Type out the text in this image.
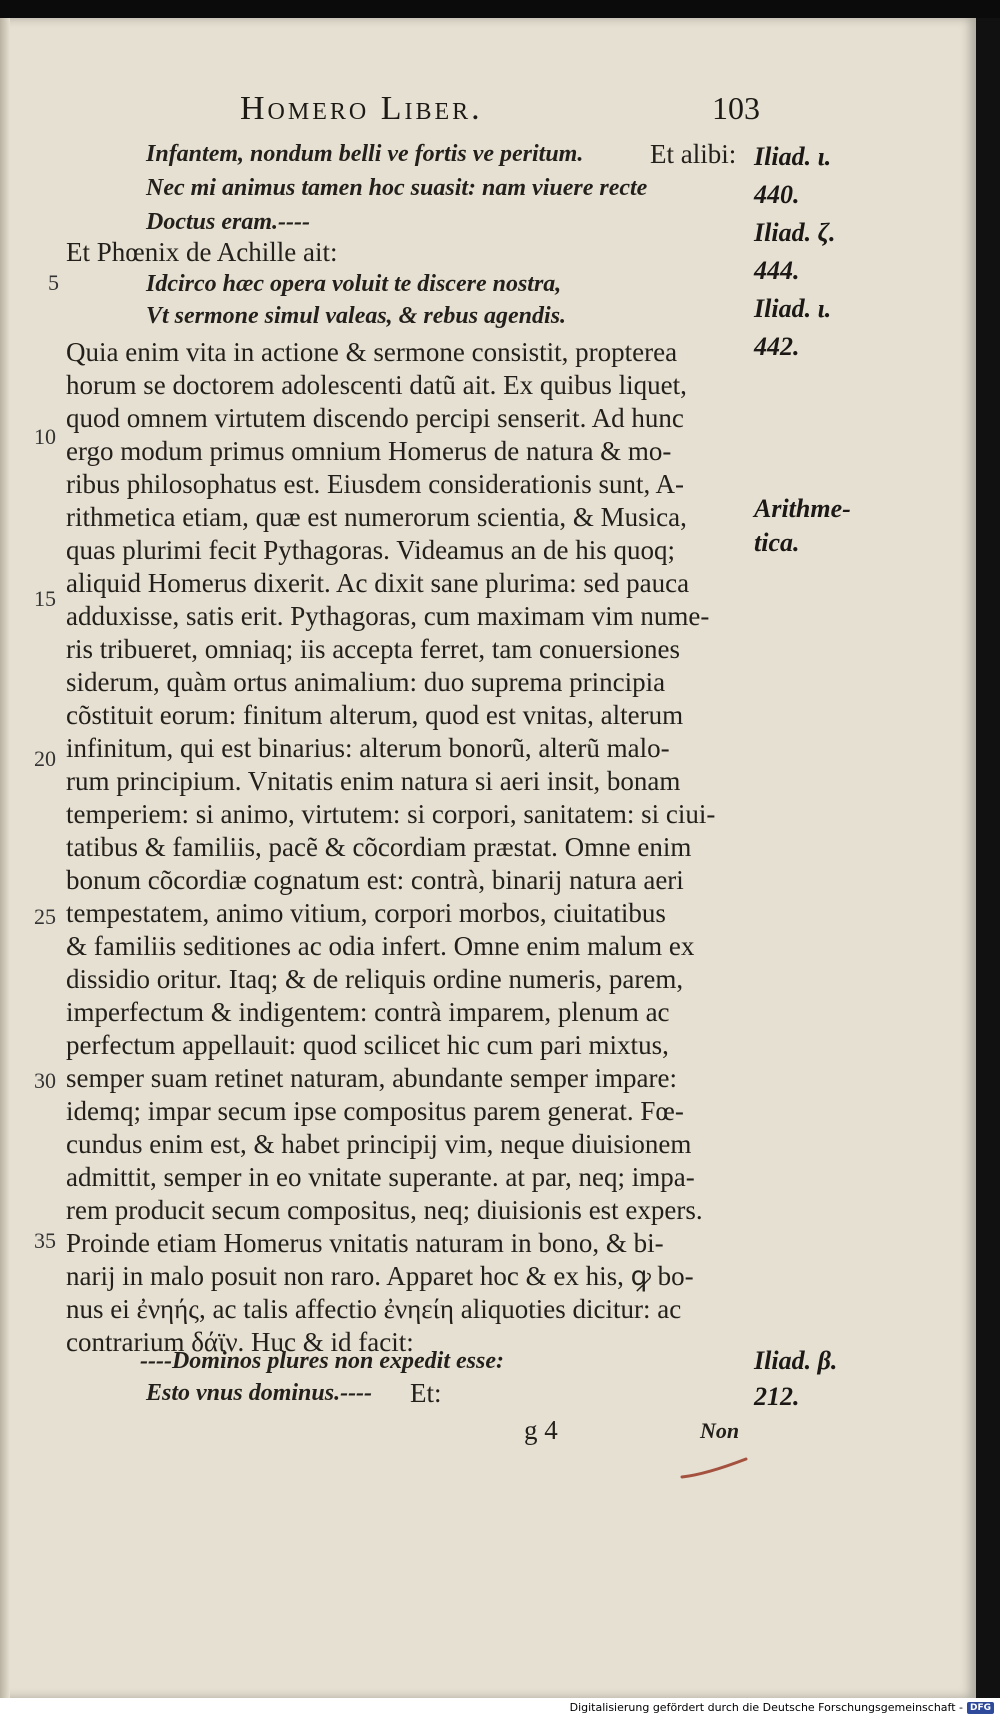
Homero Liber.	103
Infantem, nondum belli ve fortis ve peritum.	Et alibi:
Nec mi animus tamen hoc suasit: nam viuere recte
Doctus eram.----
Et Phœnix de Achille ait:
Idcirco hæc opera voluit te discere nostra,
Vt sermone simul valeas, & rebus agendis.
Quia enim vita in actione & sermone consistit, propterea
horum se doctorem adolescenti datũ ait. Ex quibus liquet,
quod omnem virtutem discendo percipi senserit. Ad hunc
ergo modum primus omnium Homerus de natura & mo-
ribus philosophatus est. Eiusdem considerationis sunt, A-
rithmetica etiam, quæ est numerorum scientia, & Musica,
quas plurimi fecit Pythagoras. Videamus an de his quoq;
aliquid Homerus dixerit. Ac dixit sane plurima: sed pauca
adduxisse, satis erit. Pythagoras, cum maximam vim nume-
ris tribueret, omniaq; iis accepta ferret, tam conuersiones
siderum, quàm ortus animalium: duo suprema principia
cõstituit eorum: finitum alterum, quod est vnitas, alterum
infinitum, qui est binarius: alterum bonorũ, alterũ malo-
rum principium. Vnitatis enim natura si aeri insit, bonam
temperiem: si animo, virtutem: si corpori, sanitatem: si ciui-
tatibus & familiis, pacẽ & cõcordiam præstat. Omne enim
bonum cõcordiæ cognatum est: contrà, binarij natura aeri
tempestatem, animo vitium, corpori morbos, ciuitatibus
& familiis seditiones ac odia infert. Omne enim malum ex
dissidio oritur. Itaq; & de reliquis ordine numeris, parem,
imperfectum & indigentem: contrà imparem, plenum ac
perfectum appellauit: quod scilicet hic cum pari mixtus,
semper suam retinet naturam, abundante semper impare:
idemq; impar secum ipse compositus parem generat. Fœ-
cundus enim est, & habet principij vim, neque diuisionem
admittit, semper in eo vnitate superante. at par, neq; impa-
rem producit secum compositus, neq; diuisionis est expers.
Proinde etiam Homerus vnitatis naturam in bono, & bi-
narij in malo posuit non raro. Apparet hoc & ex his, ꝙ bo-
nus ei ἐνηής, ac talis affectio ἐνηείη aliquoties dicitur: ac
contrarium δάϊν. Huc & id facit:
----Dominos plures non expedit esse:
Esto vnus dominus.----	Et:
g 4	Non
5
10
15
20
25
30
35
Iliad. ι.
440.
Iliad. ζ.
444.
Iliad. ι.
442.
Arithme-
tica.
Iliad. β.
212.
Digitalisierung gefördert durch die Deutsche Forschungsgemeinschaft - DFG
